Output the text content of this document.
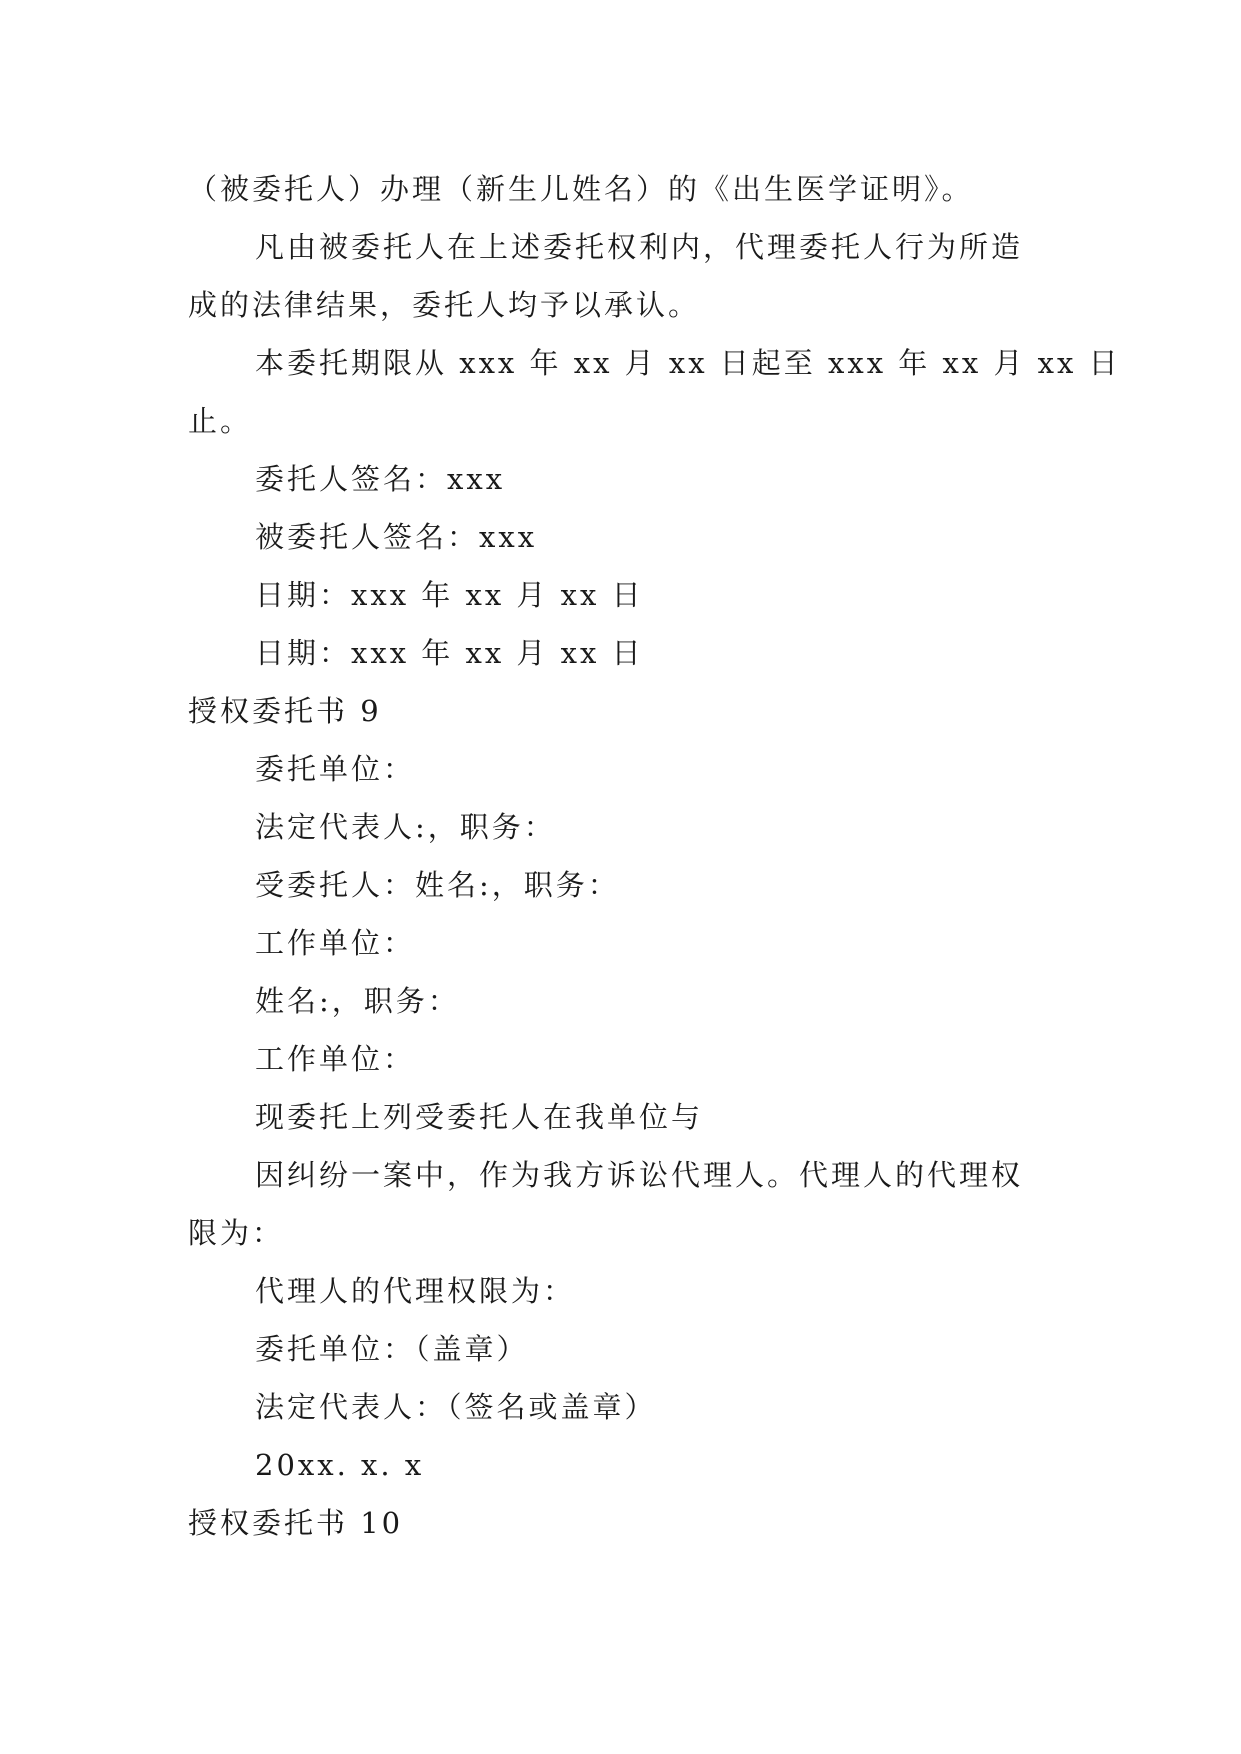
（被委托人）办理（新生儿姓名）的《出生医学证明》。
凡由被委托人在上述委托权利内，代理委托人行为所造
成的法律结果，委托人均予以承认。
本委托期限从 xxx 年 xx 月 xx 日起至 xxx 年 xx 月 xx 日
止。
委托人签名：xxx
被委托人签名：xxx
日期：xxx 年 xx 月 xx 日
日期：xxx 年 xx 月 xx 日
授权委托书 9
委托单位：
法定代表人:，职务：
受委托人：姓名:，职务：
工作单位：
姓名:，职务：
工作单位：
现委托上列受委托人在我单位与
因纠纷一案中，作为我方诉讼代理人。代理人的代理权
限为：
代理人的代理权限为：
委托单位：（盖章）
法定代表人：（签名或盖章）
20xx. x. x
授权委托书 10
